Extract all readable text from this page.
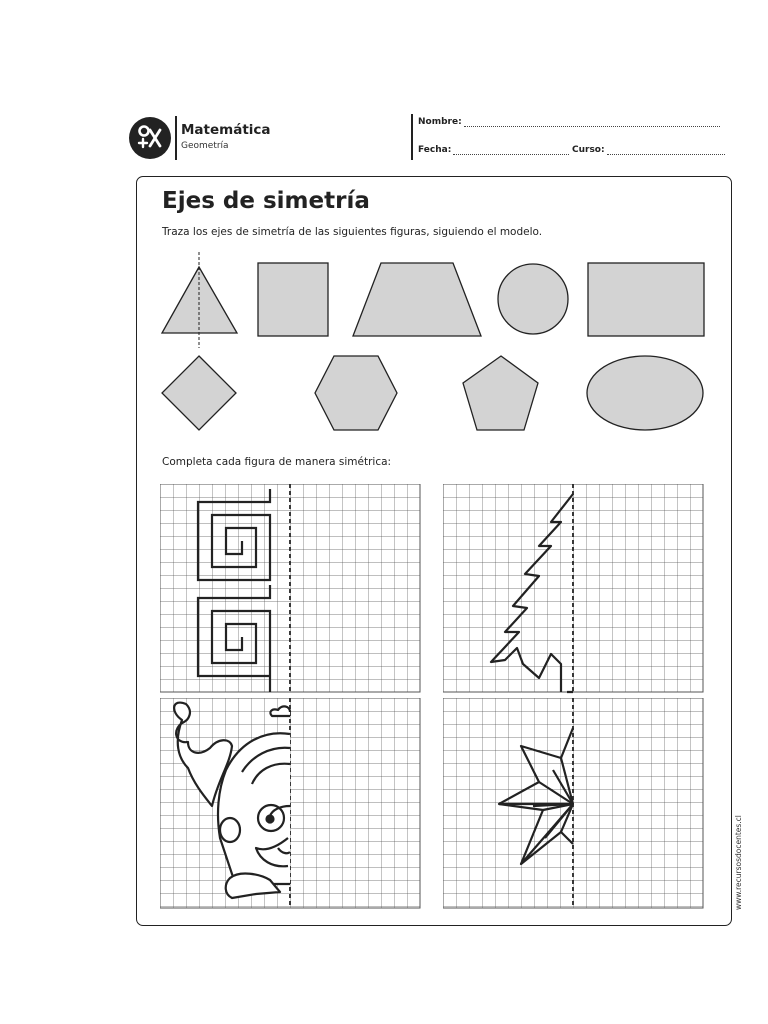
Matemática
Geometría
Nombre:
Fecha:	Curso:
Ejes de simetría
Traza los ejes de simetría de las siguientes figuras, siguiendo el modelo.
Completa cada figura de manera simétrica:
www.recursosdocentes.cl
